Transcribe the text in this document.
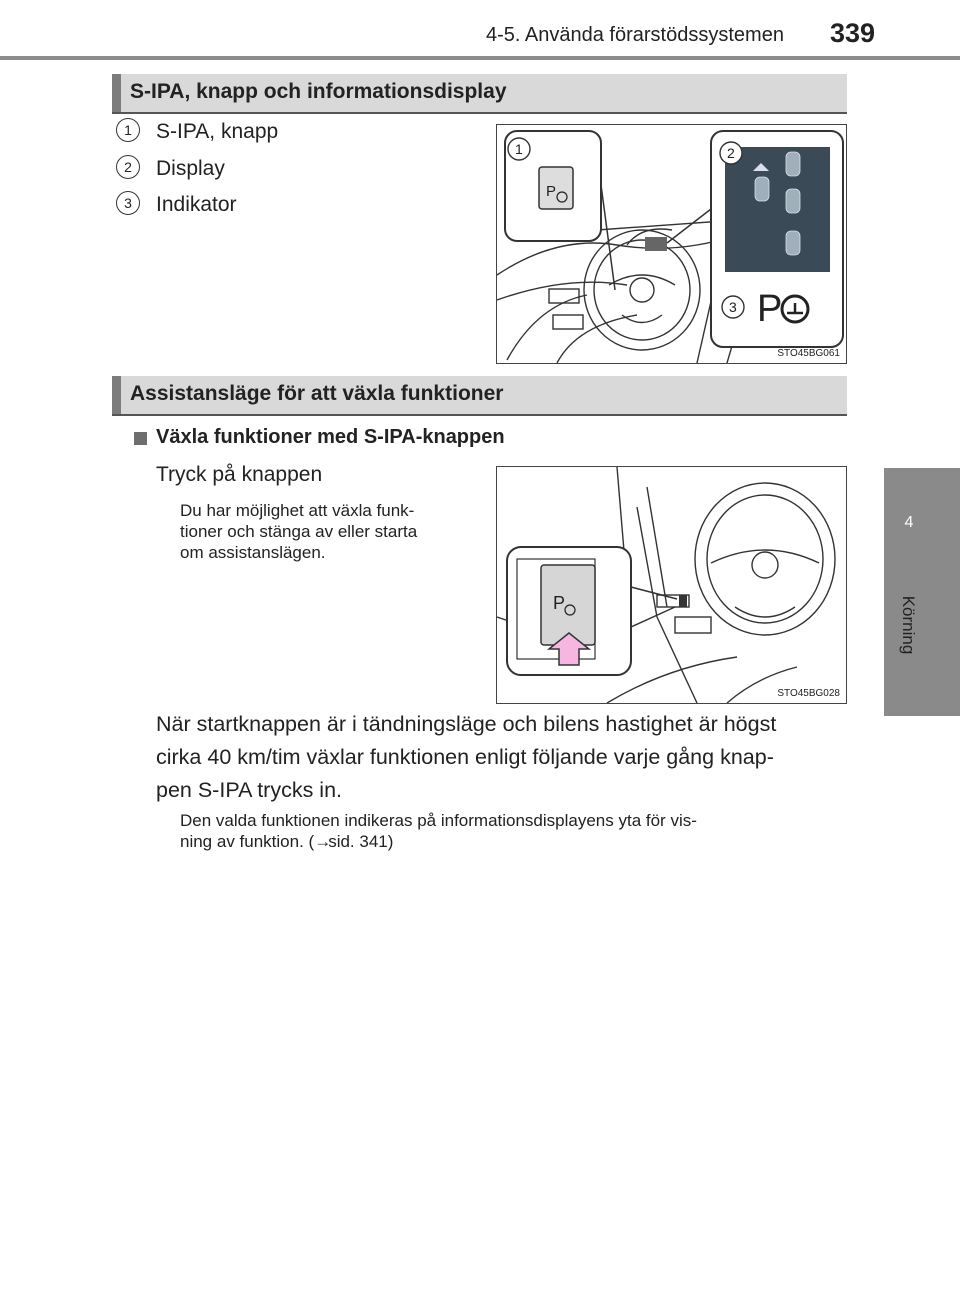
4-5. Använda förarstödssystemen 339
4
Körning
S-IPA, knapp och informationsdisplay
1	S-IPA, knapp
2	Display
3	Indikator
P
1	2
3 P
STO45BG061
Assistansläge för att växla funktioner
Växla funktioner med S-IPA-knappen
Tryck på knappen
Du har möjlighet att växla funk-
tioner och stänga av eller starta
om assistanslägen.
P
STO45BG028
När startknappen är i tändningsläge och bilens hastighet är högst
cirka 40 km/tim växlar funktionen enligt följande varje gång knap-
pen S-IPA trycks in.
Den valda funktionen indikeras på informationsdisplayens yta för vis-
ning av funktion. (→sid. 341)
